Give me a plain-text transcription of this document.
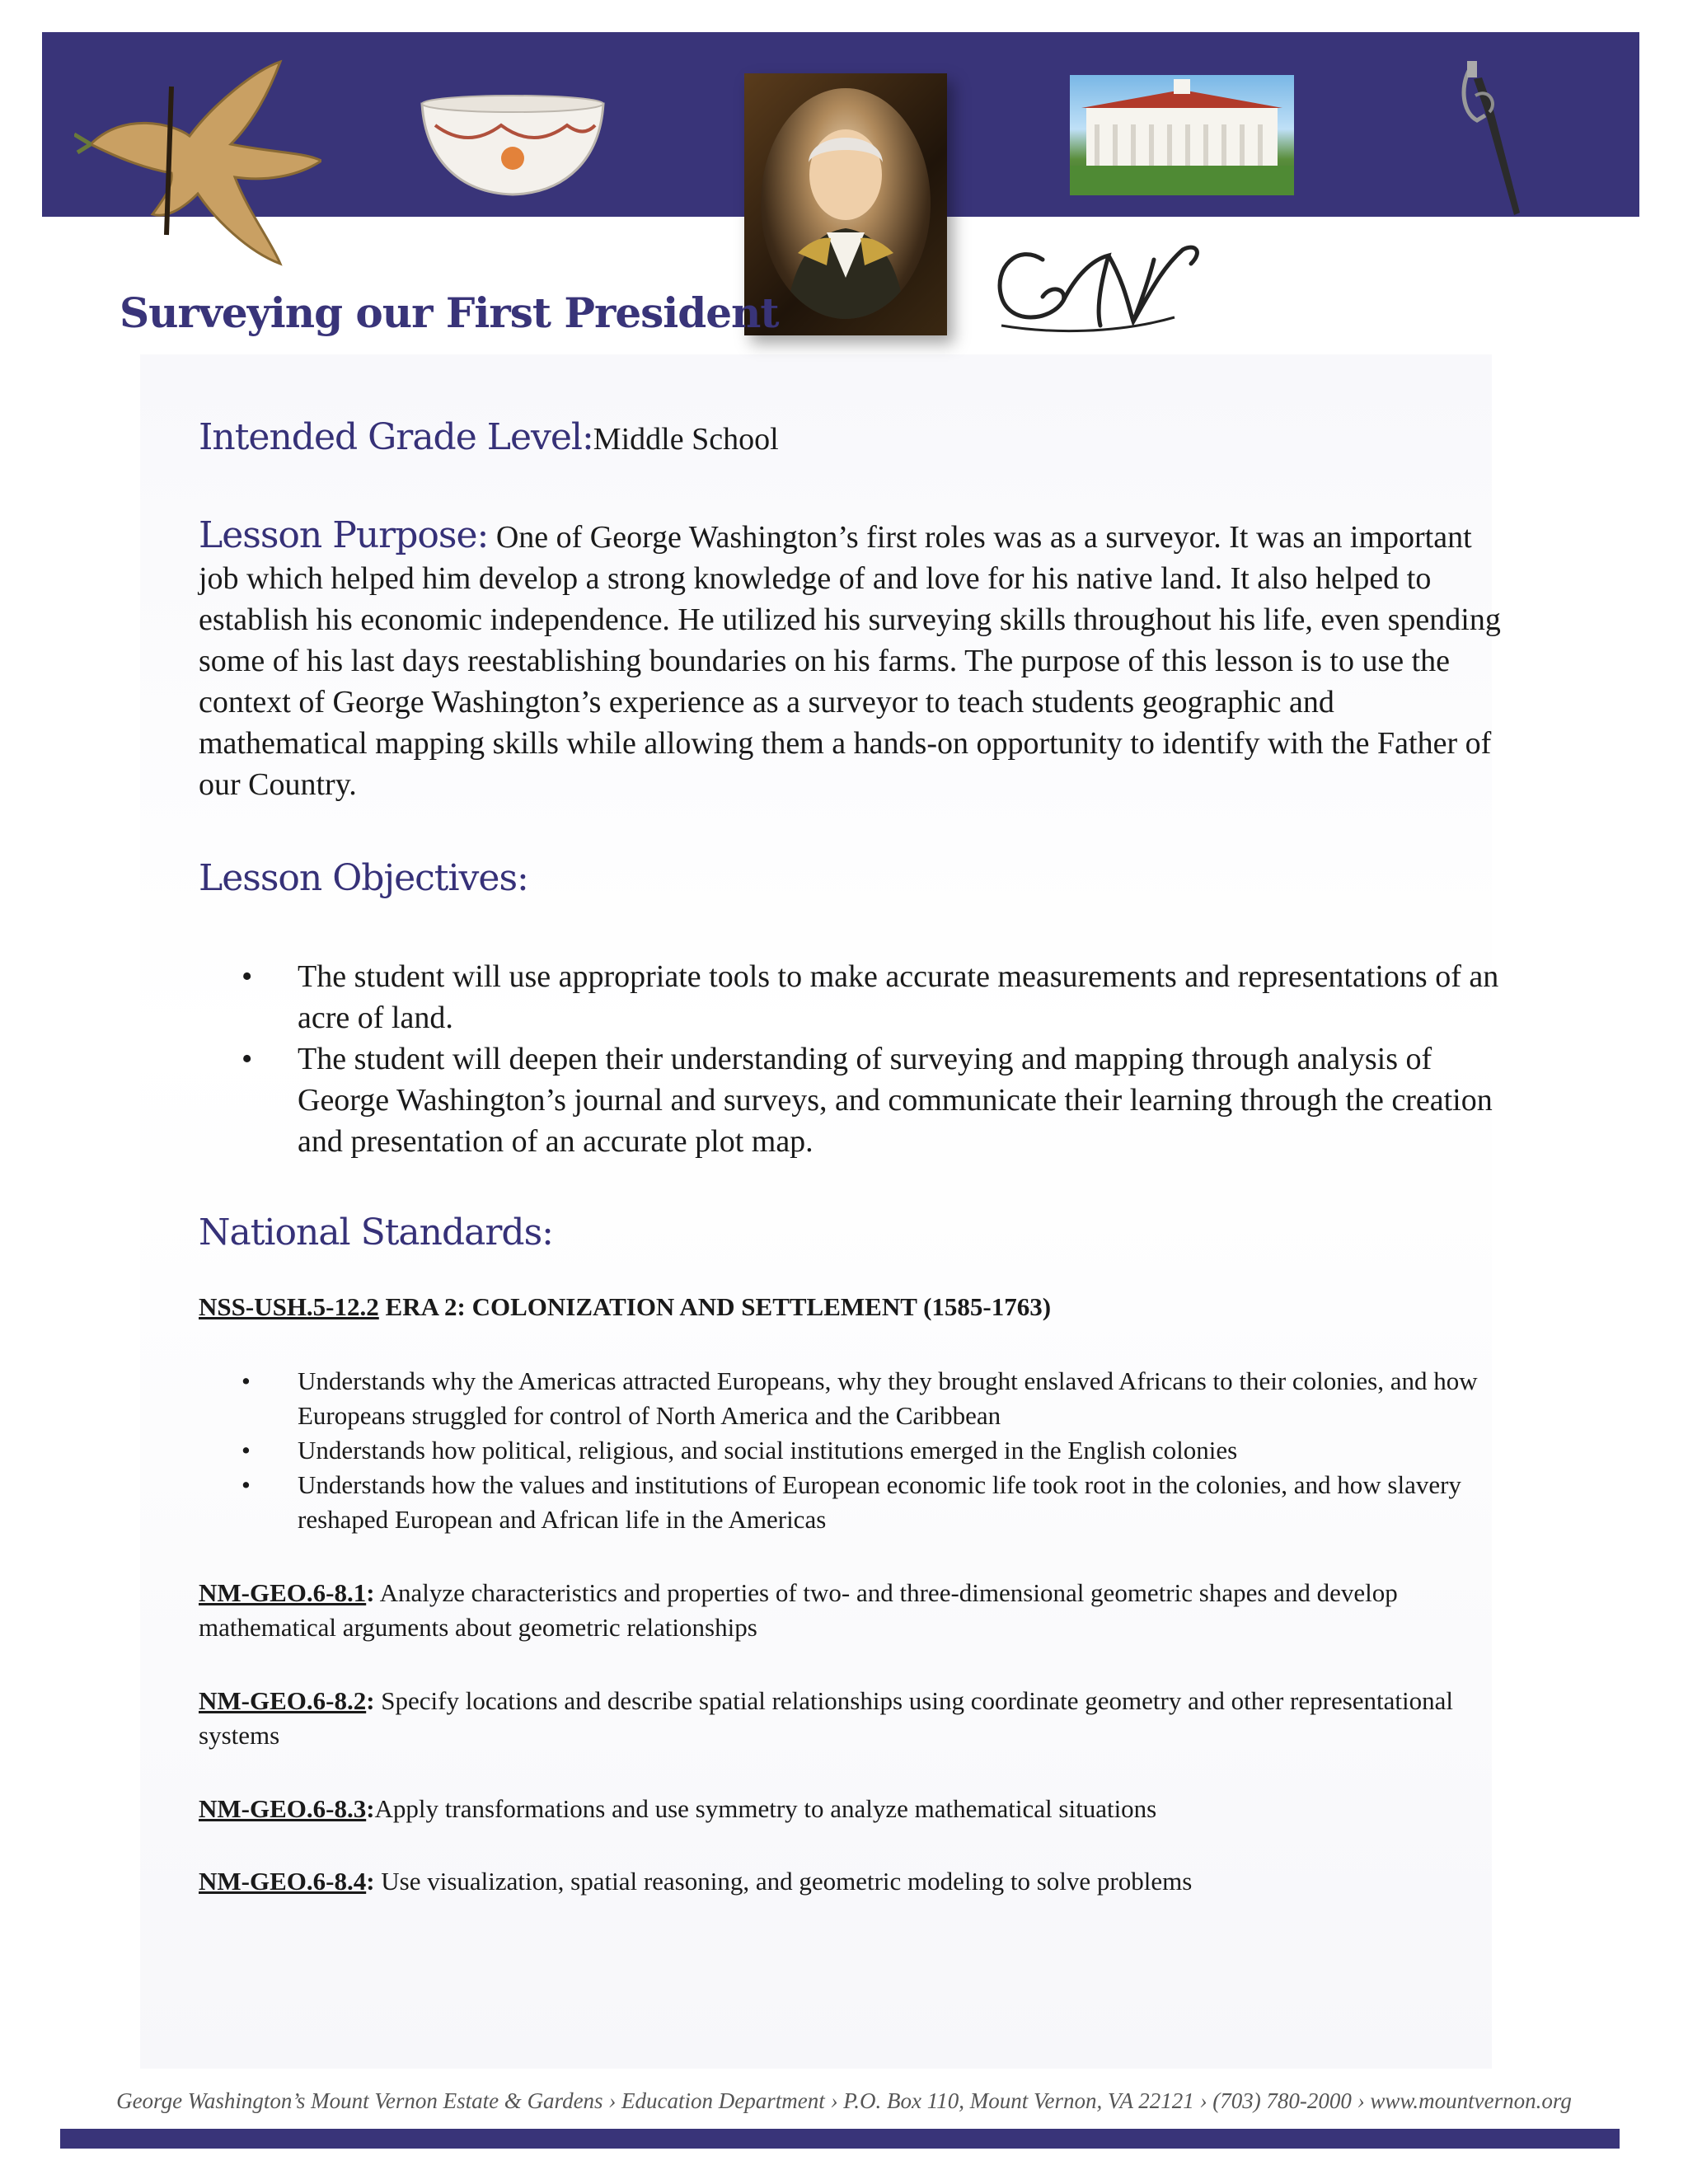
Surveying our First President
Intended Grade Level:Middle School
Lesson Purpose: One of George Washington’s first roles was as a surveyor. It was an important job which helped him develop a strong knowledge of and love for his native land. It also helped to establish his economic independence. He utilized his surveying skills throughout his life, even spending some of his last days reestablishing boundaries on his farms. The purpose of this lesson is to use the context of George Washington’s experience as a surveyor to teach students geographic and mathematical mapping skills while allowing them a hands-on opportunity to identify with the Father of our Country.
Lesson Objectives:
• The student will use appropriate tools to make accurate measurements and representations of an acre of land.
• The student will deepen their understanding of surveying and mapping through analysis of George Washington’s journal and surveys, and communicate their learning through the creation and presentation of an accurate plot map.
National Standards:
NSS-USH.5-12.2 ERA 2: COLONIZATION AND SETTLEMENT (1585-1763)
• Understands why the Americas attracted Europeans, why they brought enslaved Africans to their colonies, and how Europeans struggled for control of North America and the Caribbean
• Understands how political, religious, and social institutions emerged in the English colonies
• Understands how the values and institutions of European economic life took root in the colonies, and how slavery reshaped European and African life in the Americas
NM-GEO.6-8.1: Analyze characteristics and properties of two- and three-dimensional geometric shapes and develop mathematical arguments about geometric relationships
NM-GEO.6-8.2: Specify locations and describe spatial relationships using coordinate geometry and other representational systems
NM-GEO.6-8.3:Apply transformations and use symmetry to analyze mathematical situations
NM-GEO.6-8.4: Use visualization, spatial reasoning, and geometric modeling to solve problems
George Washington’s Mount Vernon Estate & Gardens › Education Department › P.O. Box 110, Mount Vernon, VA 22121 › (703) 780-2000 › www.mountvernon.org
